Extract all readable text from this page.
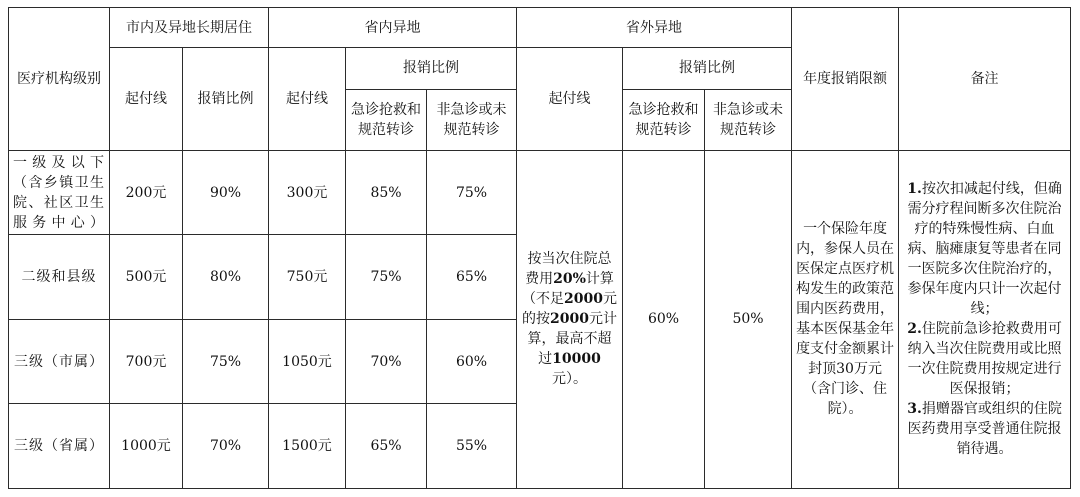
医疗机构级别	市内及异地长期居住		省内异地			省外异地			年度报销限额	备注
	起付线	报销比例	起付线	报销比例		起付线	报销比例			
				急诊抢救和规范转诊	非急诊或未规范转诊		急诊抢救和规范转诊	非急诊或未规范转诊		
一级及以下（含乡镇卫生院、社区卫生服务中心）	200元	90%	300元	85%	75%	按当次住院总费用20%计算（不足2000元的按2000元计算，最高不超过10000元）。	60%	50%	一个保险年度内，参保人员在医保定点医疗机构发生的政策范围内医药费用，基本医保基金年度支付金额累计封顶30万元（含门诊、住院）。	1.按次扣减起付线，但确需分疗程间断多次住院治疗的特殊慢性病、白血病、脑瘫康复等患者在同一医院多次住院治疗的，参保年度内只计一次起付线；

2.住院前急诊抢救费用可纳入当次住院费用或比照一次住院费用按规定进行医保报销；

3.捐赠器官或组织的住院医药费用享受普通住院报销待遇。

二级和县级	500元	80%	750元	75%	65%					
三级（市属）	700元	75%	1050元	70%	60%					
三级（省属）	1000元	70%	1500元	65%	55%					
